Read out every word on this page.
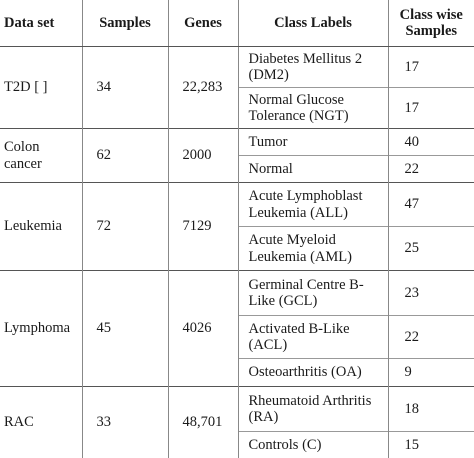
Data set	Samples	Genes	Class Labels	Class wise Samples
T2D [ ]	34	22,283	Diabetes Mellitus 2 (DM2)	17
			Normal Glucose Tolerance (NGT)	17
Colon cancer	62	2000	Tumor	40
			Normal	22
Leukemia	72	7129	Acute Lymphoblast Leukemia (ALL)	47
			Acute Myeloid Leukemia (AML)	25
Lymphoma	45	4026	Germinal Centre B-Like (GCL)	23
			Activated B-Like (ACL)	22
			Osteoarthritis (OA)	9
RAC	33	48,701	Rheumatoid Arthritis (RA)	18
			Controls (C)	15
